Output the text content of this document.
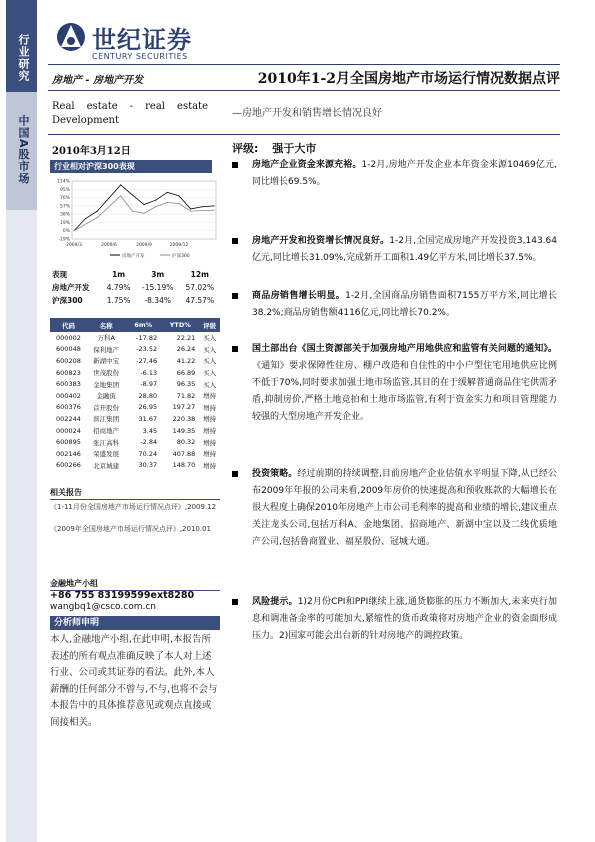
行业研究
中国A股市场
世纪证券
CENTURY SECURITIES
房地产 - 房地产开发	2010年1-2月全国房地产市场运行情况数据点评
Real estate - real estate Development
—房地产开发和销售增长情况良好
2010年3月12日	评级: 强于大市
行业相对沪深300表现
114%
95%
76%
57%
38%
19%
0%
-19%
2009/3	2009/6	2009/9	2009/12
房地产开发	沪深300
表现	1m	3m	12m
房地产开发	4.79%	-15.19%	57.02%
沪深300	1.75%	-8.34%	47.57%
代码	名称	6m%	YTD%	评级
000002	万科A	-17.82	22.21	买入
600048	保利地产	-23.52	26.24	买入
600208	新湖中宝	-27.46	41.22	买入
600823	世茂股份	-6.13	66.89	买入
600383	金地集团	-8.97	96.35	买入
000402	金融街	28.80	71.82	增持
600376	首开股份	26.95	197.27	增持
002244	滨江集团	31.67	220.38	增持
000024	招商地产	3.45	149.35	增持
600895	张江高科	-2.84	80.32	增持
002146	荣盛发展	70.24	407.88	增持
600266	北京城建	30.37	148.70	增持
相关报告
《1-11月份全国房地产市场运行情况点评》,2009.12
《2009年全国房地产市场运行情况点评》,2010.01
金融地产小组
+86 755 83199599ext8280
wangbq1@csco.com.cn
分析师申明
本人,金融地产小组,在此申明,本报告所表述的所有观点准确反映了本人对上述行业、公司或其证券的看法。此外,本人薪酬的任何部分不曾与,不与,也将不会与本报告中的具体推荐意见或观点直接或间接相关。
房地产企业资金来源充裕。1-2月,房地产开发企业本年资金来源10469亿元,同比增长69.5%。
房地产开发和投资增长情况良好。1-2月,全国完成房地产开发投资3,143.64亿元,同比增长31.09%,完成新开工面积1.49亿平方米,同比增长37.5%。
商品房销售增长明显。1-2月,全国商品房销售面积7155万平方米,同比增长38.2%;商品房销售额4116亿元,同比增长70.2%。
国土部出台《国土资源部关于加强房地产用地供应和监管有关问题的通知》。《通知》要求保障性住房、棚户改造和自住性的中小户型住宅用地供应比例不低于70%,同时要求加强土地市场监管,其目的在于缓解普通商品住宅供需矛盾,抑制房价,严格土地竞拍和土地市场监管,有利于资金实力和项目管理能力较强的大型房地产开发企业。
投资策略。经过前期的持续调整,目前房地产企业估值水平明显下降,从已经公布2009年年报的公司来看,2009年房价的快速提高和预收账款的大幅增长在很大程度上确保2010年房地产上市公司毛利率的提高和业绩的增长,建议重点关注龙头公司,包括万科A、金地集团、招商地产、新湖中宝以及二线优质地产公司,包括鲁商置业、福星股份、冠城大通。
风险提示。1)2月份CPI和PPI继续上涨,通货膨胀的压力不断加大,未来央行加息和调准备金率的可能加大,紧缩性的货币政策将对房地产企业的资金面形成压力。2)国家可能会出台新的针对房地产的调控政策。
